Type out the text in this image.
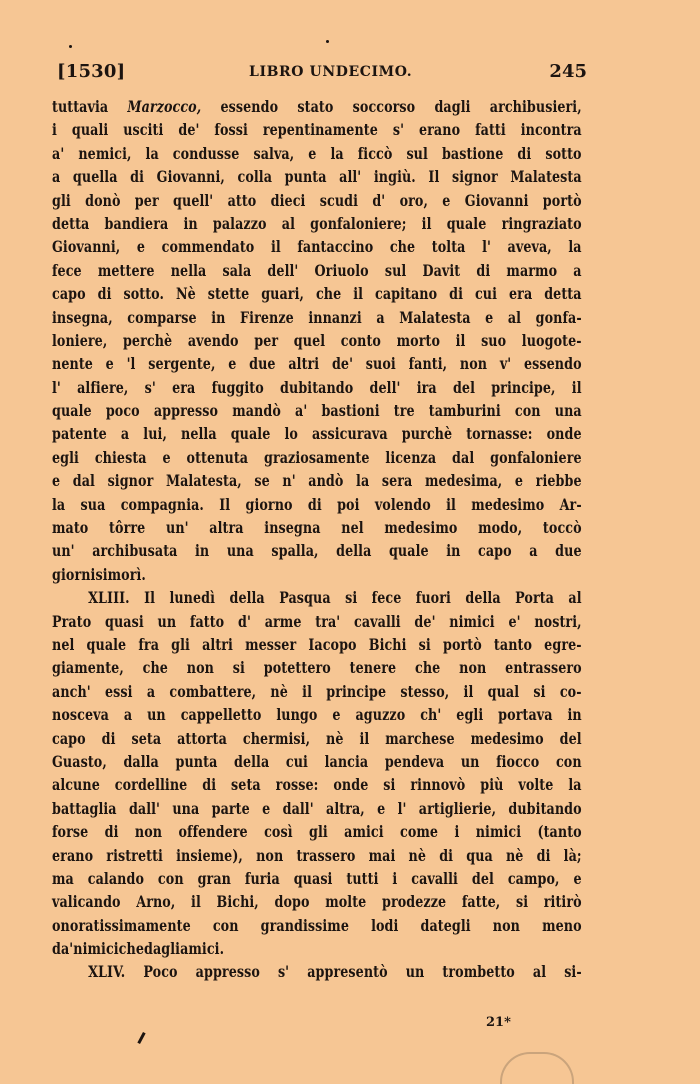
[1530]	LIBRO UNDECIMO.	245
tuttavia Marzocco, essendo stato soccorso dagli archibusieri,
i quali usciti de' fossi repentinamente s' erano fatti incontra
a' nemici, la condusse salva, e la ficcò sul bastione di sotto
a quella di Giovanni, colla punta all' ingiù. Il signor Malatesta
gli donò per quell' atto dieci scudi d' oro, e Giovanni portò
detta bandiera in palazzo al gonfaloniere; il quale ringraziato
Giovanni, e commendato il fantaccino che tolta l' aveva, la
fece mettere nella sala dell' Oriuolo sul Davit di marmo a
capo di sotto. Nè stette guari, che il capitano di cui era detta
insegna, comparse in Firenze innanzi a Malatesta e al gonfa-
loniere, perchè avendo per quel conto morto il suo luogote-
nente e 'l sergente, e due altri de' suoi fanti, non v' essendo
l' alfiere, s' era fuggito dubitando dell' ira del principe, il
quale poco appresso mandò a' bastioni tre tamburini con una
patente a lui, nella quale lo assicurava purchè tornasse: onde
egli chiesta e ottenuta graziosamente licenza dal gonfaloniere
e dal signor Malatesta, se n' andò la sera medesima, e riebbe
la sua compagnia. Il giorno di poi volendo il medesimo Ar-
mato tôrre un' altra insegna nel medesimo modo, toccò
un' archibusata in una spalla, della quale in capo a due
giorni si morì.
XLIII. Il lunedì della Pasqua si fece fuori della Porta al
Prato quasi un fatto d' arme tra' cavalli de' nimici e' nostri,
nel quale fra gli altri messer Iacopo Bichi si portò tanto egre-
giamente, che non si potettero tenere che non entrassero
anch' essi a combattere, nè il principe stesso, il qual si co-
nosceva a un cappelletto lungo e aguzzo ch' egli portava in
capo di seta attorta chermisi, nè il marchese medesimo del
Guasto, dalla punta della cui lancia pendeva un fiocco con
alcune cordelline di seta rosse: onde si rinnovò più volte la
battaglia dall' una parte e dall' altra, e l' artiglierie, dubitando
forse di non offendere così gli amici come i nimici (tanto
erano ristretti insieme), non trassero mai nè di qua nè di là;
ma calando con gran furia quasi tutti i cavalli del campo, e
valicando Arno, il Bichi, dopo molte prodezze fatte, si ritirò
onoratissimamente con grandissime lodi dategli non meno
da' nimici che dagli amici.
XLIV. Poco appresso s' appresentò un trombetto al si-
21*
